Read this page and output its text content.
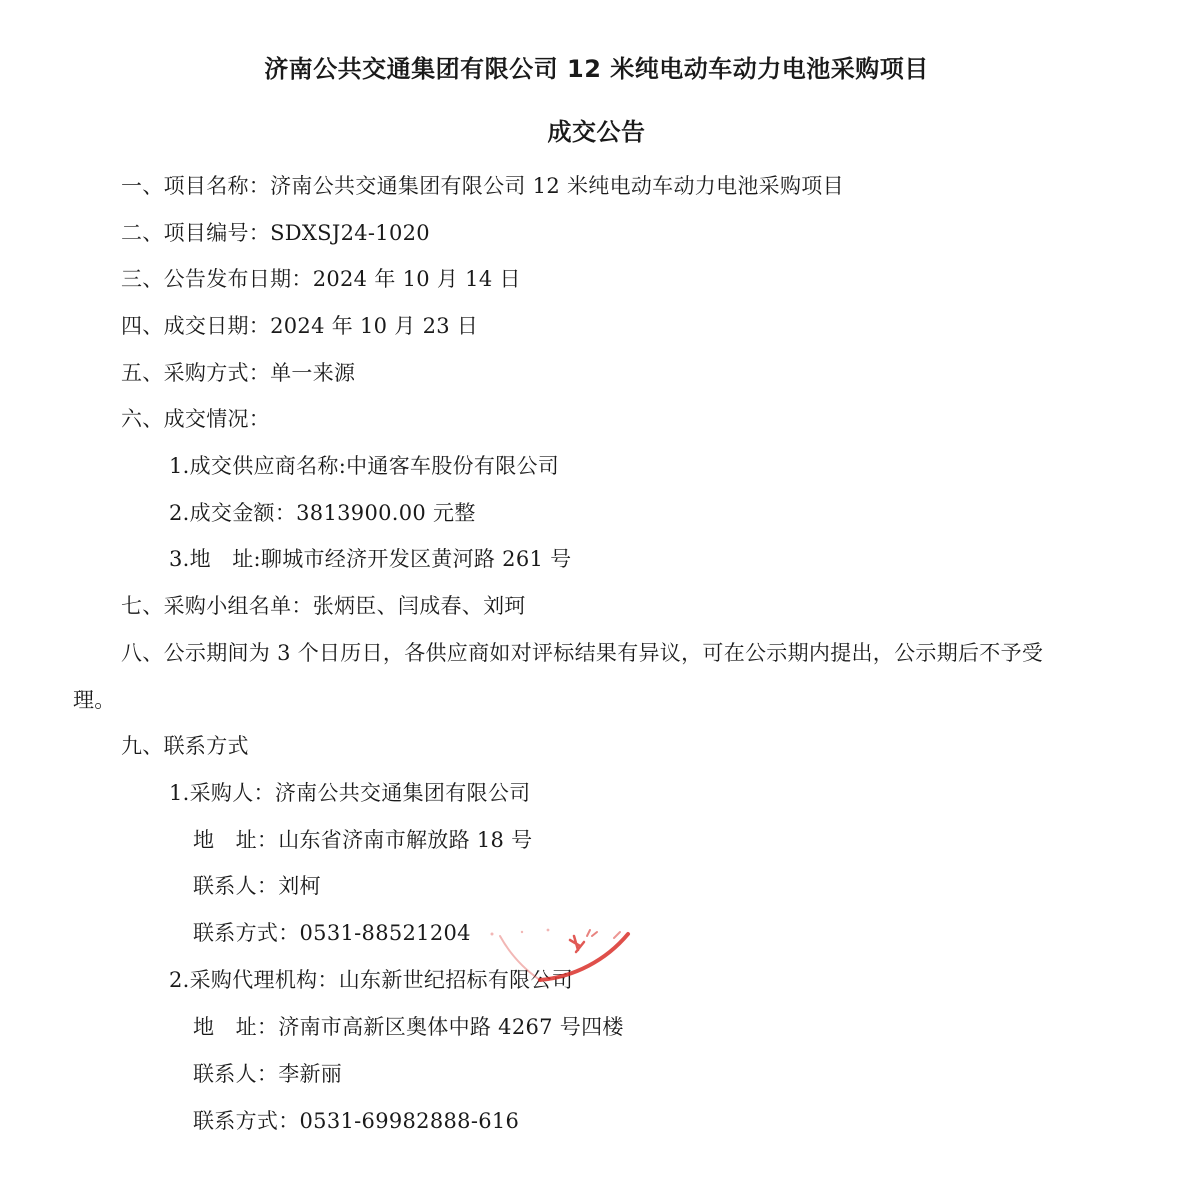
济南公共交通集团有限公司 12 米纯电动车动力电池采购项目
成交公告
一、项目名称：济南公共交通集团有限公司 12 米纯电动车动力电池采购项目
二、项目编号：SDXSJ24-1020
三、公告发布日期：2024 年 10 月 14 日
四、成交日期：2024 年 10 月 23 日
五、采购方式：单一来源
六、成交情况：
1.成交供应商名称:中通客车股份有限公司
2.成交金额：3813900.00 元整
3.地　址:聊城市经济开发区黄河路 261 号
七、采购小组名单：张炳臣、闫成春、刘珂
八、公示期间为 3 个日历日，各供应商如对评标结果有异议，可在公示期内提出，公示期后不予受
理。
九、联系方式
1.采购人：济南公共交通集团有限公司
地　址：山东省济南市解放路 18 号
联系人：刘柯
联系方式：0531-88521204
2.采购代理机构：山东新世纪招标有限公司
地　址：济南市高新区奥体中路 4267 号四楼
联系人：李新丽
联系方式：0531-69982888-616
